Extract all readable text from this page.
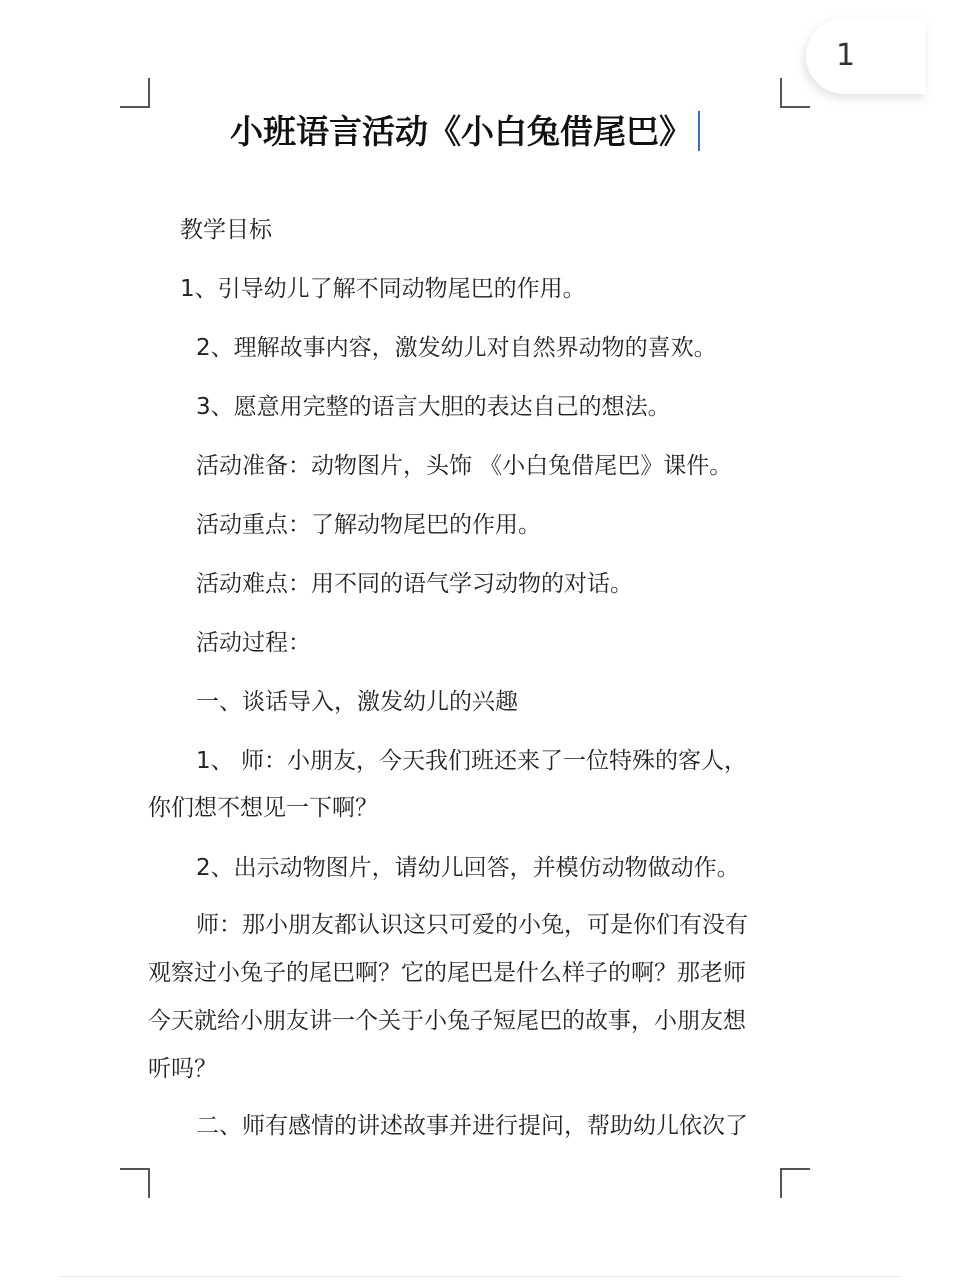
1
小班语言活动《小白兔借尾巴》
教学目标
1、引导幼儿了解不同动物尾巴的作用。
2、理解故事内容，激发幼儿对自然界动物的喜欢。
3、愿意用完整的语言大胆的表达自己的想法。
活动准备：动物图片，头饰 《小白兔借尾巴》课件。
活动重点：了解动物尾巴的作用。
活动难点：用不同的语气学习动物的对话。
活动过程：
一、谈话导入，激发幼儿的兴趣
1、 师：小朋友，今天我们班还来了一位特殊的客人，
你们想不想见一下啊？
2、出示动物图片，请幼儿回答，并模仿动物做动作。
师：那小朋友都认识这只可爱的小兔，可是你们有没有
观察过小兔子的尾巴啊？它的尾巴是什么样子的啊？那老师
今天就给小朋友讲一个关于小兔子短尾巴的故事，小朋友想
听吗？
二、师有感情的讲述故事并进行提问，帮助幼儿依次了
